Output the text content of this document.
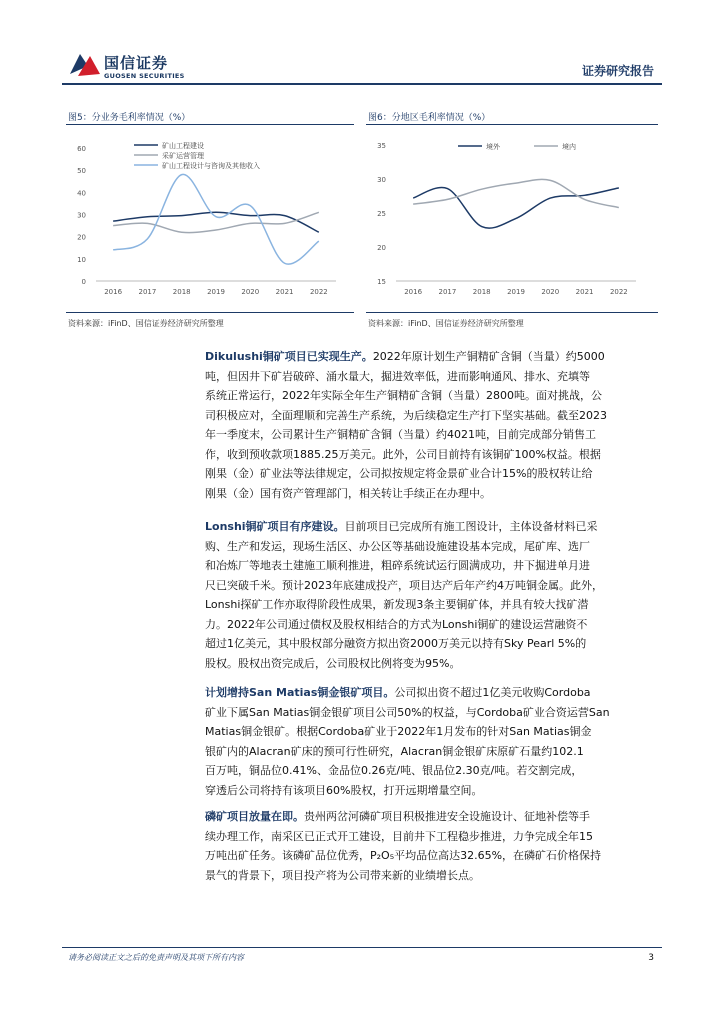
国信证券
GUOSEN SECURITIES	证券研究报告
图5：分业务毛利率情况（%）
0
10
20
30
40
50
60
2016 2017 2018 2019 2020 2021 2022
矿山工程建设
采矿运营管理
矿山工程设计与咨询及其他收入
资料来源：iFinD、国信证券经济研究所整理
图6：分地区毛利率情况（%）
15
20
25
30
35
2016 2017 2018 2019 2020 2021 2022
境外	境内
资料来源：iFinD、国信证券经济研究所整理
Dikulushi铜矿项目已实现生产。2022年原计划生产铜精矿含铜（当量）约5000
吨，但因井下矿岩破碎、涌水量大，掘进效率低，进而影响通风、排水、充填等
系统正常运行，2022年实际全年生产铜精矿含铜（当量）2800吨。面对挑战，公
司积极应对，全面理顺和完善生产系统，为后续稳定生产打下坚实基础。截至2023
年一季度末，公司累计生产铜精矿含铜（当量）约4021吨，目前完成部分销售工
作，收到预收款项1885.25万美元。此外，公司目前持有该铜矿100%权益。根据
刚果（金）矿业法等法律规定，公司拟按规定将金景矿业合计15%的股权转让给
刚果（金）国有资产管理部门，相关转让手续正在办理中。
Lonshi铜矿项目有序建设。目前项目已完成所有施工图设计，主体设备材料已采
购、生产和发运，现场生活区、办公区等基础设施建设基本完成，尾矿库、选厂
和冶炼厂等地表土建施工顺利推进，粗碎系统试运行圆满成功，井下掘进单月进
尺已突破千米。预计2023年底建成投产，项目达产后年产约4万吨铜金属。此外，
Lonshi探矿工作亦取得阶段性成果，新发现3条主要铜矿体，并具有较大找矿潜
力。2022年公司通过债权及股权相结合的方式为Lonshi铜矿的建设运营融资不
超过1亿美元，其中股权部分融资方拟出资2000万美元以持有Sky Pearl 5%的
股权。股权出资完成后，公司股权比例将变为95%。
计划增持San Matias铜金银矿项目。公司拟出资不超过1亿美元收购Cordoba
矿业下属San Matias铜金银矿项目公司50%的权益，与Cordoba矿业合资运营San
Matias铜金银矿。根据Cordoba矿业于2022年1月发布的针对San Matias铜金
银矿内的Alacran矿床的预可行性研究，Alacran铜金银矿床原矿石量约102.1
百万吨，铜品位0.41%、金品位0.26克/吨、银品位2.30克/吨。若交割完成，
穿透后公司将持有该项目60%股权，打开远期增量空间。
磷矿项目放量在即。贵州两岔河磷矿项目积极推进安全设施设计、征地补偿等手
续办理工作，南采区已正式开工建设，目前井下工程稳步推进，力争完成全年15
万吨出矿任务。该磷矿品位优秀，P₂O₅平均品位高达32.65%，在磷矿石价格保持
景气的背景下，项目投产将为公司带来新的业绩增长点。
请务必阅读正文之后的免责声明及其项下所有内容	3
